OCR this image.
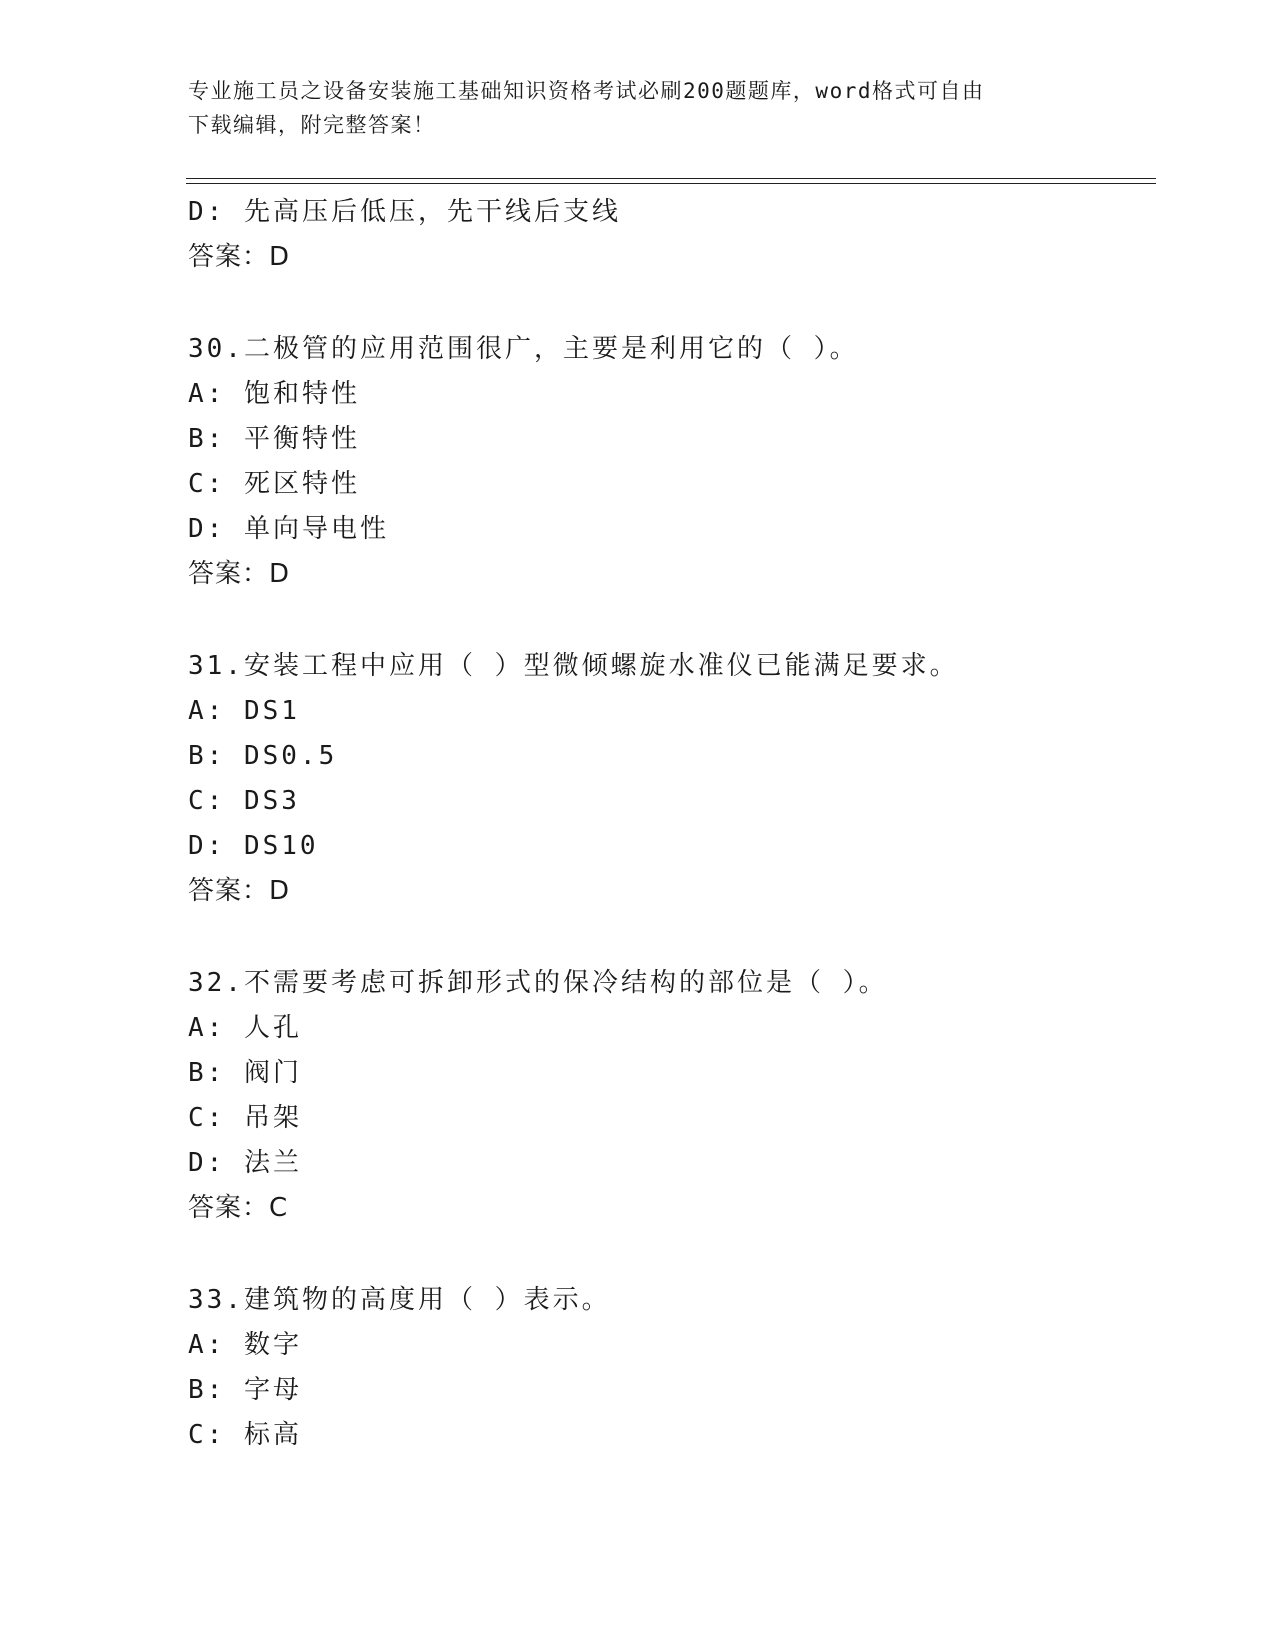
专业施工员之设备安装施工基础知识资格考试必刷200题题库，word格式可自由
下载编辑，附完整答案！
D: 先高压后低压，先干线后支线
答案：D
30.二极管的应用范围很广，主要是利用它的（ ）。
A: 饱和特性
B: 平衡特性
C: 死区特性
D: 单向导电性
答案：D
31.安装工程中应用（ ）型微倾螺旋水准仪已能满足要求。
A: DS1
B: DS0.5
C: DS3
D: DS10
答案：D
32.不需要考虑可拆卸形式的保冷结构的部位是（ ）。
A: 人孔
B: 阀门
C: 吊架
D: 法兰
答案：C
33.建筑物的高度用（ ）表示。
A: 数字
B: 字母
C: 标高
